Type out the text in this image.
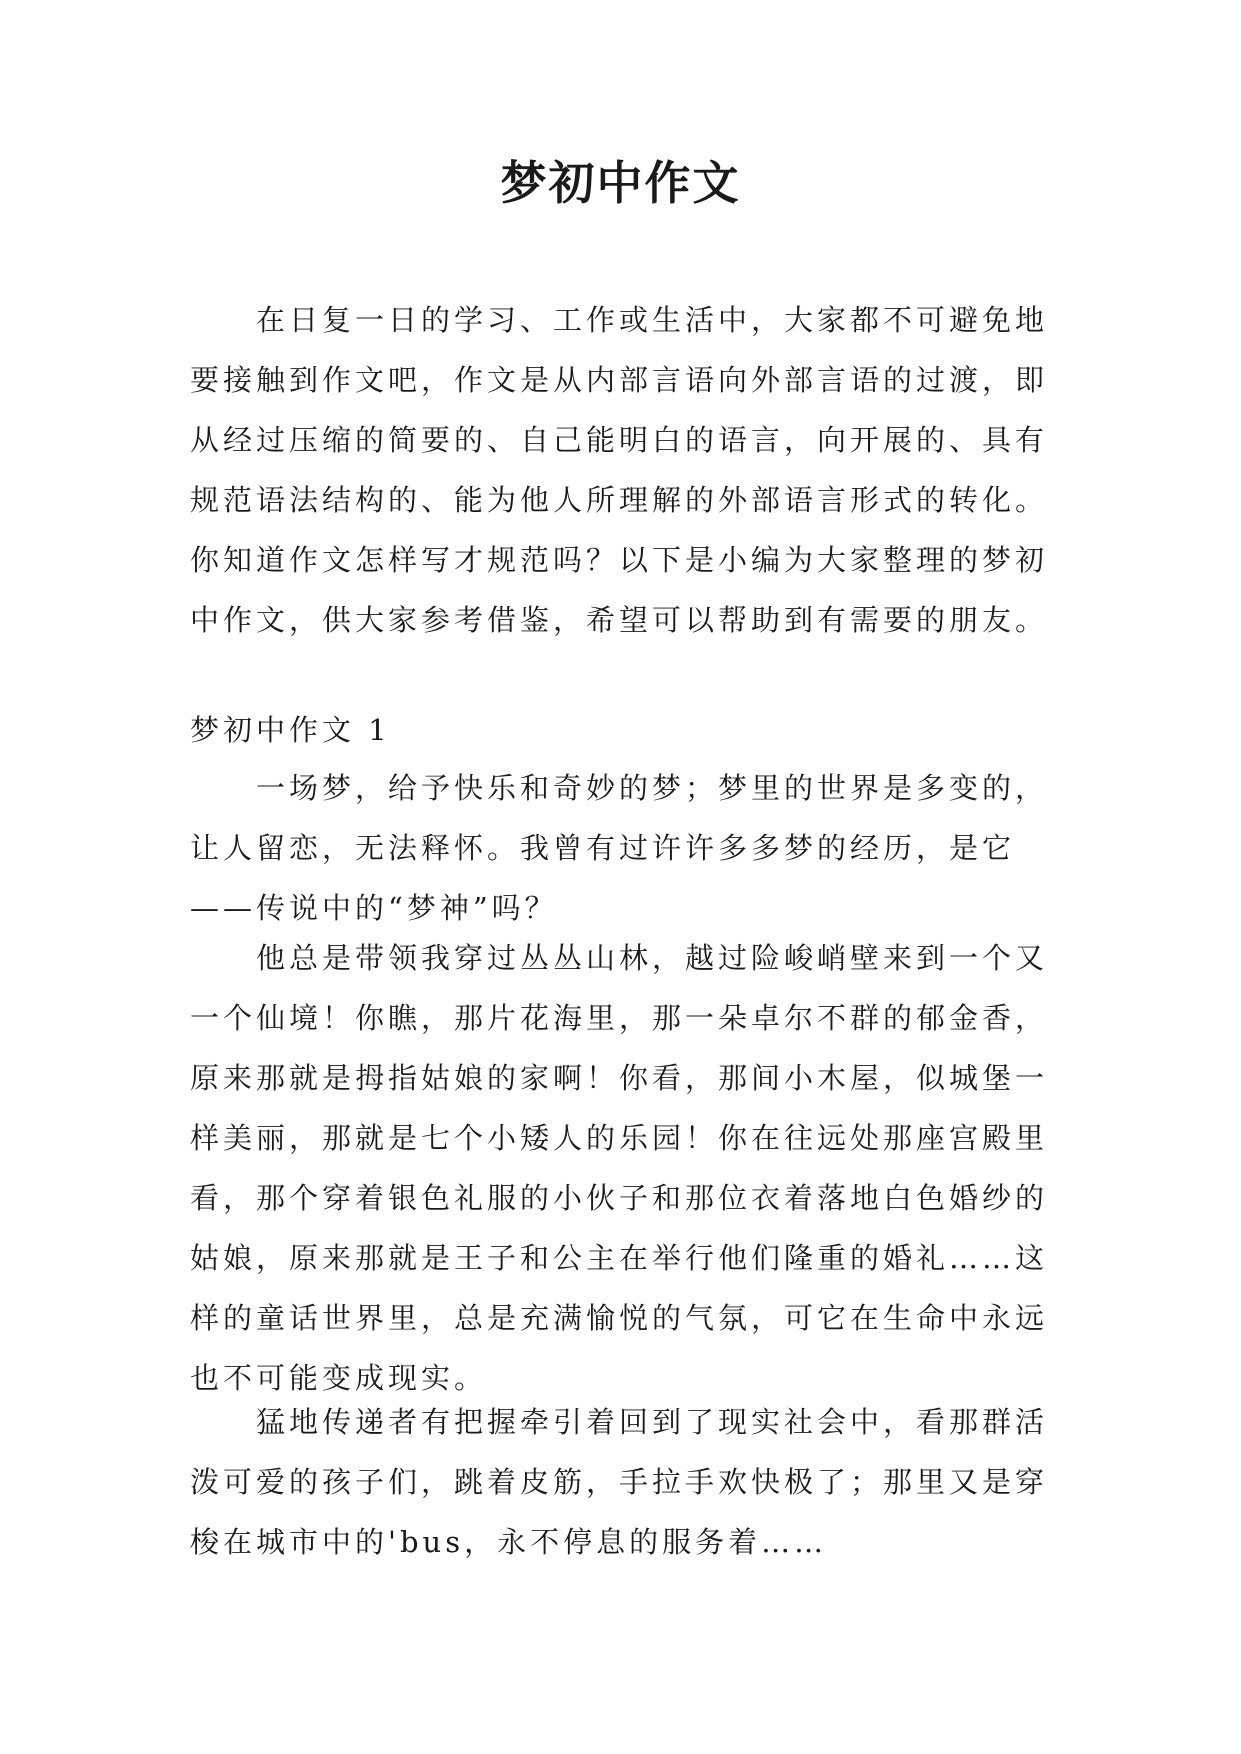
梦初中作文

在日复一日的学习、工作或生活中，大家都不可避免地要接触到作文吧，作文是从内部言语向外部言语的过渡，即从经过压缩的简要的、自己能明白的语言，向开展的、具有规范语法结构的、能为他人所理解的外部语言形式的转化。你知道作文怎样写才规范吗？以下是小编为大家整理的梦初中作文，供大家参考借鉴，希望可以帮助到有需要的朋友。

梦初中作文 1

一场梦，给予快乐和奇妙的梦；梦里的世界是多变的，让人留恋，无法释怀。我曾有过许许多多梦的经历，是它——传说中的“梦神”吗？

他总是带领我穿过丛丛山林，越过险峻峭壁来到一个又一个仙境！你瞧，那片花海里，那一朵卓尔不群的郁金香，原来那就是拇指姑娘的家啊！你看，那间小木屋，似城堡一样美丽，那就是七个小矮人的乐园！你在往远处那座宫殿里看，那个穿着银色礼服的小伙子和那位衣着落地白色婚纱的姑娘，原来那就是王子和公主在举行他们隆重的婚礼……这样的童话世界里，总是充满愉悦的气氛，可它在生命中永远也不可能变成现实。

猛地传递者有把握牵引着回到了现实社会中，看那群活泼可爱的孩子们，跳着皮筋，手拉手欢快极了；那里又是穿梭在城市中的'bus，永不停息的服务着……
